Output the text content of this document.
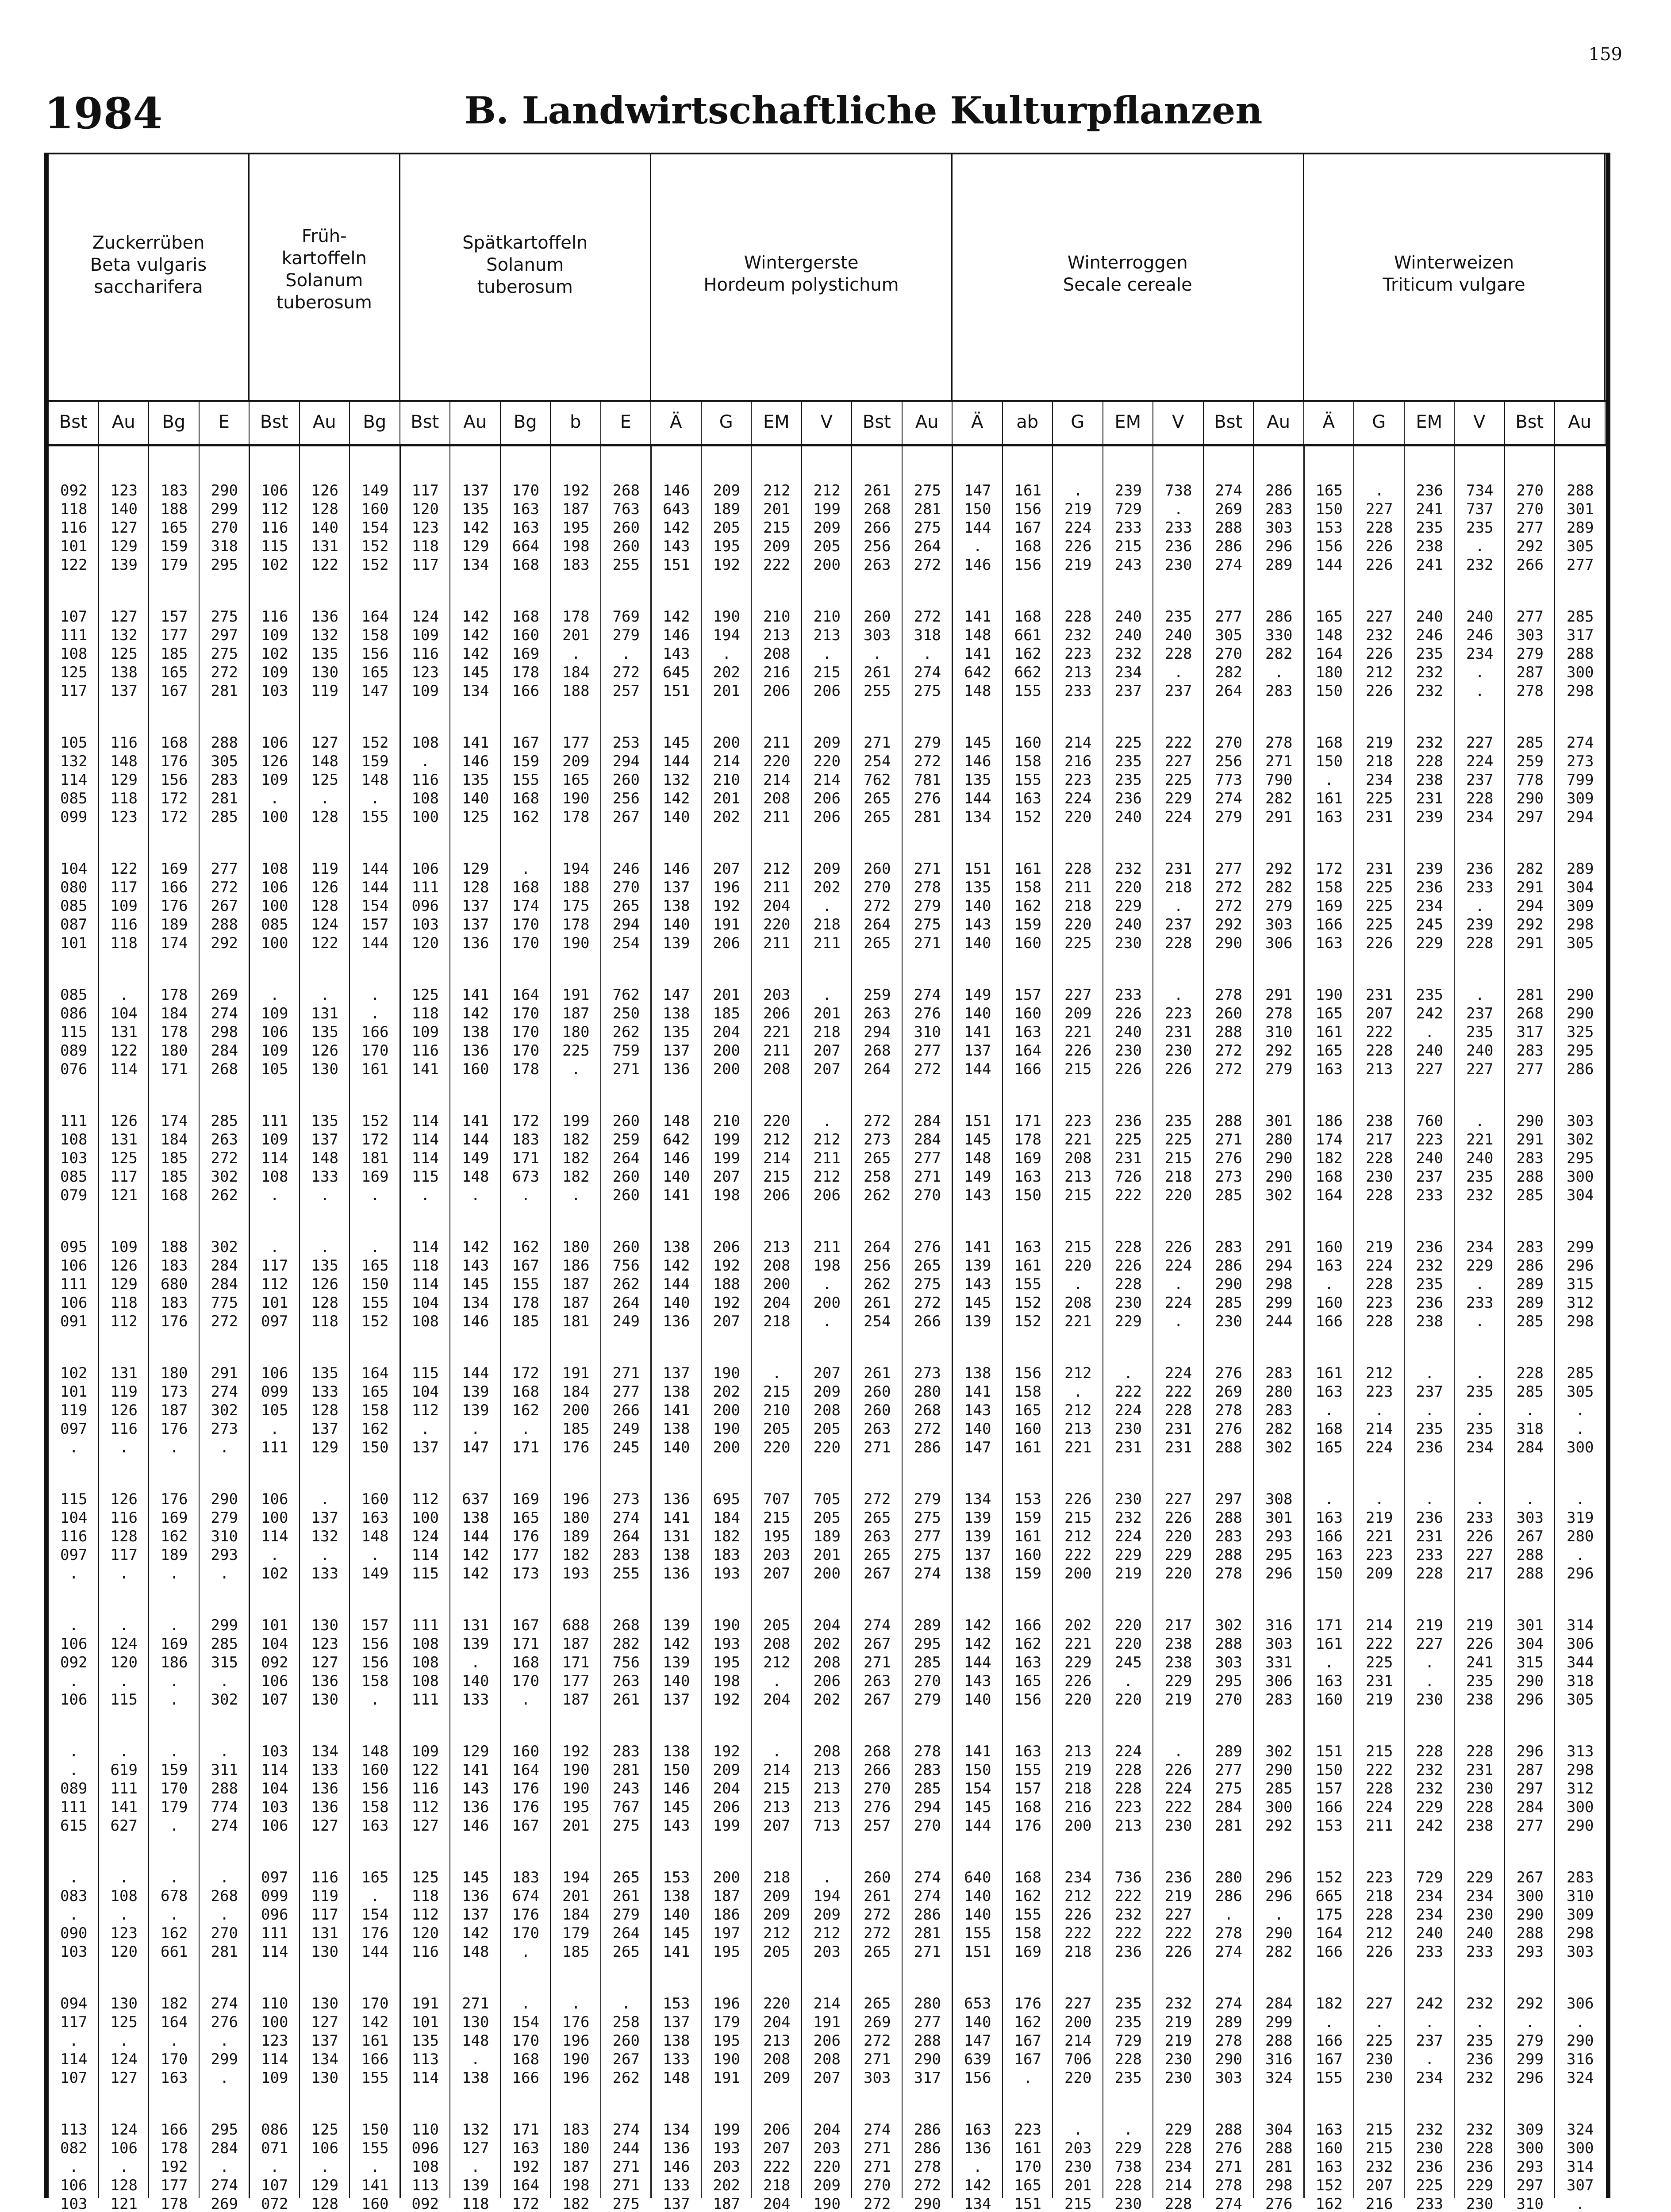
159
1984	B. Landwirtschaftliche Kulturpflanzen
Zuckerrüben
Beta vulgaris
saccharifera
Früh-
kartoffeln
Solanum
tuberosum
Spätkartoffeln
Solanum
tuberosum
Wintergerste
Hordeum polystichum
Winterroggen
Secale cereale
Winterweizen
Triticum vulgare
Bst	Au	Bg	E	Bst	Au	Bg	Bst	Au	Bg	b	E	Ä	G	EM	V	Bst	Au	Ä	ab	G	EM	V	Bst	Au	Ä	G	EM	V	Bst	Au
092	123	183	290	106	126	149	117	137	170	192	268	146	209	212	212	261	275	147	161	.	239	738	274	286	165	.	236	734	270	288
118	140	188	299	112	128	160	120	135	163	187	763	643	189	201	199	268	281	150	156	219	729	.	269	283	150	227	241	737	270	301
116	127	165	270	116	140	154	123	142	163	195	260	142	205	215	209	266	275	144	167	224	233	233	288	303	153	228	235	235	277	289
101	129	159	318	115	131	152	118	129	664	198	260	143	195	209	205	256	264	.	168	226	215	236	286	296	156	226	238	.	292	305
122	139	179	295	102	122	152	117	134	168	183	255	151	192	222	200	263	272	146	156	219	243	230	274	289	144	226	241	232	266	277
107	127	157	275	116	136	164	124	142	168	178	769	142	190	210	210	260	272	141	168	228	240	235	277	286	165	227	240	240	277	285
111	132	177	297	109	132	158	109	142	160	201	279	146	194	213	213	303	318	148	661	232	240	240	305	330	148	232	246	246	303	317
108	125	185	275	102	135	156	116	142	169	.	.	143	.	208	.	.	.	141	162	223	232	228	270	282	164	226	235	234	279	288
125	138	165	272	109	130	165	123	145	178	184	272	645	202	216	215	261	274	642	662	213	234	.	282	.	180	212	232	.	287	300
117	137	167	281	103	119	147	109	134	166	188	257	151	201	206	206	255	275	148	155	233	237	237	264	283	150	226	232	.	278	298
105	116	168	288	106	127	152	108	141	167	177	253	145	200	211	209	271	279	145	160	214	225	222	270	278	168	219	232	227	285	274
132	148	176	305	126	148	159	.	146	159	209	294	144	214	220	220	254	272	146	158	216	235	227	256	271	150	218	228	224	259	273
114	129	156	283	109	125	148	116	135	155	165	260	132	210	214	214	762	781	135	155	223	235	225	773	790	.	234	238	237	778	799
085	118	172	281	.	.	.	108	140	168	190	256	142	201	208	206	265	276	144	163	224	236	229	274	282	161	225	231	228	290	309
099	123	172	285	100	128	155	100	125	162	178	267	140	202	211	206	265	281	134	152	220	240	224	279	291	163	231	239	234	297	294
104	122	169	277	108	119	144	106	129	.	194	246	146	207	212	209	260	271	151	161	228	232	231	277	292	172	231	239	236	282	289
080	117	166	272	106	126	144	111	128	168	188	270	137	196	211	202	270	278	135	158	211	220	218	272	282	158	225	236	233	291	304
085	109	176	267	100	128	154	096	137	174	175	265	138	192	204	.	272	279	140	162	218	229	.	272	279	169	225	234	.	294	309
087	116	189	288	085	124	157	103	137	170	178	294	140	191	220	218	264	275	143	159	220	240	237	292	303	166	225	245	239	292	298
101	118	174	292	100	122	144	120	136	170	190	254	139	206	211	211	265	271	140	160	225	230	228	290	306	163	226	229	228	291	305
085	.	178	269	.	.	.	125	141	164	191	762	147	201	203	.	259	274	149	157	227	233	.	278	291	190	231	235	.	281	290
086	104	184	274	109	131	.	118	142	170	187	250	138	185	206	201	263	276	140	160	209	226	223	260	278	165	207	242	237	268	290
115	131	178	298	106	135	166	109	138	170	180	262	135	204	221	218	294	310	141	163	221	240	231	288	310	161	222	.	235	317	325
089	122	180	284	109	126	170	116	136	170	225	759	137	200	211	207	268	277	137	164	226	230	230	272	292	165	228	240	240	283	295
076	114	171	268	105	130	161	141	160	178	.	271	136	200	208	207	264	272	144	166	215	226	226	272	279	163	213	227	227	277	286
111	126	174	285	111	135	152	114	141	172	199	260	148	210	220	.	272	284	151	171	223	236	235	288	301	186	238	760	.	290	303
108	131	184	263	109	137	172	114	144	183	182	259	642	199	212	212	273	284	145	178	221	225	225	271	280	174	217	223	221	291	302
103	125	185	272	114	148	181	114	149	171	182	264	146	199	214	211	265	277	148	169	208	231	215	276	290	182	228	240	240	283	295
085	117	185	302	108	133	169	115	148	673	182	260	140	207	215	212	258	271	149	163	213	726	218	273	290	168	230	237	235	288	300
079	121	168	262	.	.	.	.	.	.	.	260	141	198	206	206	262	270	143	150	215	222	220	285	302	164	228	233	232	285	304
095	109	188	302	.	.	.	114	142	162	180	260	138	206	213	211	264	276	141	163	215	228	226	283	291	160	219	236	234	283	299
106	126	183	284	117	135	165	118	143	167	186	756	142	192	208	198	256	265	139	161	220	226	224	286	294	163	224	232	229	286	296
111	129	680	284	112	126	150	114	145	155	187	262	144	188	200	.	262	275	143	155	.	228	.	290	298	.	228	235	.	289	315
106	118	183	775	101	128	155	104	134	178	187	264	140	192	204	200	261	272	145	152	208	230	224	285	299	160	223	236	233	289	312
091	112	176	272	097	118	152	108	146	185	181	249	136	207	218	.	254	266	139	152	221	229	.	230	244	166	228	238	.	285	298
102	131	180	291	106	135	164	115	144	172	191	271	137	190	.	207	261	273	138	156	212	.	224	276	283	161	212	.	.	228	285
101	119	173	274	099	133	165	104	139	168	184	277	138	202	215	209	260	280	141	158	.	222	222	269	280	163	223	237	235	285	305
119	126	187	302	105	128	158	112	139	162	200	266	141	200	210	208	260	268	143	165	212	224	228	278	283	.	.	.	.	.	.
097	116	176	273	.	137	162	.	.	.	185	249	138	190	205	205	263	272	140	160	213	230	231	276	282	168	214	235	235	318	.
.	.	.	.	111	129	150	137	147	171	176	245	140	200	220	220	271	286	147	161	221	231	231	288	302	165	224	236	234	284	300
115	126	176	290	106	.	160	112	637	169	196	273	136	695	707	705	272	279	134	153	226	230	227	297	308	.	.	.	.	.	.
104	116	169	279	100	137	163	100	138	165	180	274	141	184	215	205	265	275	139	159	215	232	226	288	301	163	219	236	233	303	319
116	128	162	310	114	132	148	124	144	176	189	264	131	182	195	189	263	277	139	161	212	224	220	283	293	166	221	231	226	267	280
097	117	189	293	.	.	.	114	142	177	182	283	138	183	203	201	265	275	137	160	222	229	229	288	295	163	223	233	227	288	.
.	.	.	.	102	133	149	115	142	173	193	255	136	193	207	200	267	274	138	159	200	219	220	278	296	150	209	228	217	288	296
.	.	.	299	101	130	157	111	131	167	688	268	139	190	205	204	274	289	142	166	202	220	217	302	316	171	214	219	219	301	314
106	124	169	285	104	123	156	108	139	171	187	282	142	193	208	202	267	295	142	162	221	220	238	288	303	161	222	227	226	304	306
092	120	186	315	092	127	156	108	.	168	171	756	139	195	212	208	271	285	144	163	229	245	238	303	331	.	225	.	241	315	344
.	.	.	.	106	136	158	108	140	170	177	263	140	198	.	206	263	270	143	165	226	.	229	295	306	163	231	.	235	290	318
106	115	.	302	107	130	.	111	133	.	187	261	137	192	204	202	267	279	140	156	220	220	219	270	283	160	219	230	238	296	305
.	.	.	.	103	134	148	109	129	160	192	283	138	192	.	208	268	278	141	163	213	224	.	289	302	151	215	228	228	296	313
.	619	159	311	114	133	160	122	141	164	190	281	150	209	214	213	266	283	150	155	219	228	226	277	290	150	222	232	231	287	298
089	111	170	288	104	136	156	116	143	176	190	243	146	204	215	213	270	285	154	157	218	228	224	275	285	157	228	232	230	297	312
111	141	179	774	103	136	158	112	136	176	195	767	145	206	213	213	276	294	145	168	216	223	222	284	300	166	224	229	228	284	300
615	627	.	274	106	127	163	127	146	167	201	275	143	199	207	713	257	270	144	176	200	213	230	281	292	153	211	242	238	277	290
.	.	.	.	097	116	165	125	145	183	194	265	153	200	218	.	260	274	640	168	234	736	236	280	296	152	223	729	229	267	283
083	108	678	268	099	119	.	118	136	674	201	261	138	187	209	194	261	274	140	162	212	222	219	286	296	665	218	234	234	300	310
.	.	.	.	096	117	154	112	137	176	184	279	140	186	209	209	272	286	140	155	226	232	227	.	.	175	228	234	230	290	309
090	123	162	270	111	131	176	120	142	170	179	264	145	197	212	212	272	281	155	158	222	222	222	278	290	164	212	240	240	288	298
103	120	661	281	114	130	144	116	148	.	185	265	141	195	205	203	265	271	151	169	218	236	226	274	282	166	226	233	233	293	303
094	130	182	274	110	130	170	191	271	.	.	.	153	196	220	214	265	280	653	176	227	235	232	274	284	182	227	242	232	292	306
117	125	164	276	100	127	142	101	130	154	176	258	137	179	204	191	269	277	140	162	200	235	219	289	299	.	.	.	.	.	.
.	.	.	.	123	137	161	135	148	170	196	260	138	195	213	206	272	288	147	167	214	729	219	278	288	166	225	237	235	279	290
114	124	170	299	114	134	166	113	.	168	190	267	133	190	208	208	271	290	639	167	706	228	230	290	316	167	230	.	236	299	316
107	127	163	.	109	130	155	114	138	166	196	262	148	191	209	207	303	317	156	.	220	235	230	303	324	155	230	234	232	296	324
113	124	166	295	086	125	150	110	132	171	183	274	134	199	206	204	274	286	163	223	.	.	229	288	304	163	215	232	232	309	324
082	106	178	284	071	106	155	096	127	163	180	244	136	193	207	203	271	286	136	161	203	229	228	276	288	160	215	230	228	300	300
.	.	192	.	.	.	.	108	.	192	187	271	146	203	222	220	271	278	.	170	230	738	234	271	281	163	232	236	236	293	314
106	128	177	274	107	129	141	113	139	164	198	271	133	202	218	209	270	272	142	165	201	228	214	278	298	152	207	225	229	297	307
103	121	178	269	072	128	160	092	118	172	182	275	137	187	204	190	272	290	134	151	215	230	228	274	276	162	216	233	230	310	.
